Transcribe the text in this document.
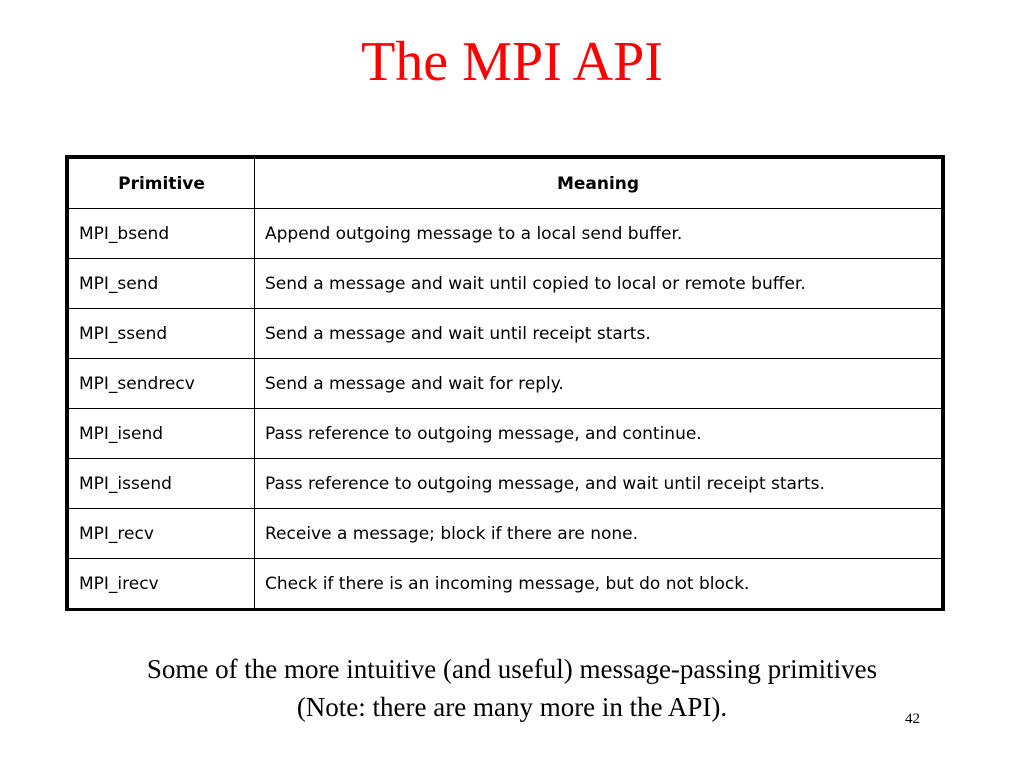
The MPI API
Primitive	Meaning
MPI_bsend	Append outgoing message to a local send buffer.
MPI_send	Send a message and wait until copied to local or remote buffer.
MPI_ssend	Send a message and wait until receipt starts.
MPI_sendrecv	Send a message and wait for reply.
MPI_isend	Pass reference to outgoing message, and continue.
MPI_issend	Pass reference to outgoing message, and wait until receipt starts.
MPI_recv	Receive a message; block if there are none.
MPI_irecv	Check if there is an incoming message, but do not block.
Some of the more intuitive (and useful) message-passing primitives
(Note: there are many more in the API).	42
